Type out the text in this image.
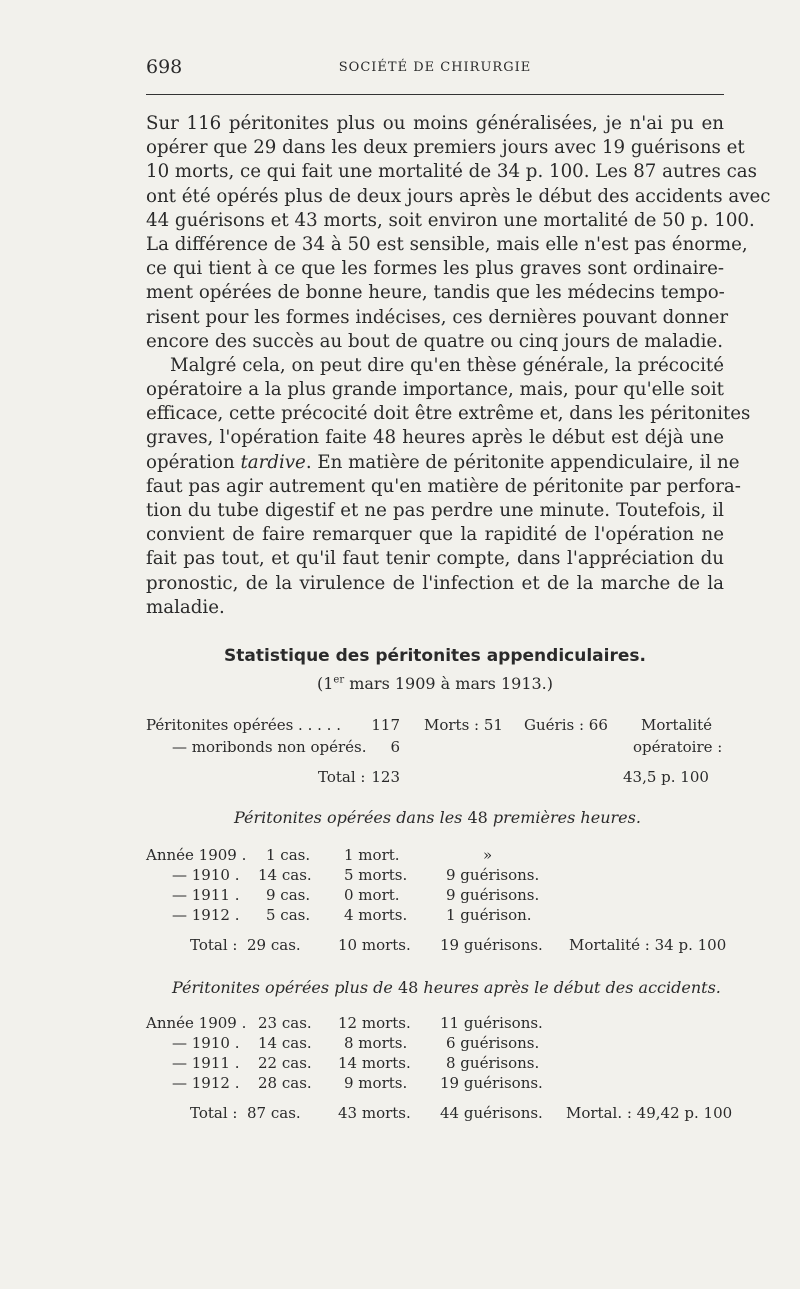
698	SOCIÉTÉ DE CHIRURGIE
Sur 116 péritonites plus ou moins généralisées, je n'ai pu en
opérer que 29 dans les deux premiers jours avec 19 guérisons et
10 morts, ce qui fait une mortalité de 34 p. 100. Les 87 autres cas
ont été opérés plus de deux jours après le début des accidents avec
44 guérisons et 43 morts, soit environ une mortalité de 50 p. 100.
La différence de 34 à 50 est sensible, mais elle n'est pas énorme,
ce qui tient à ce que les formes les plus graves sont ordinaire-
ment opérées de bonne heure, tandis que les médecins tempo-
risent pour les formes indécises, ces dernières pouvant donner
encore des succès au bout de quatre ou cinq jours de maladie.
Malgré cela, on peut dire qu'en thèse générale, la précocité
opératoire a la plus grande importance, mais, pour qu'elle soit
efficace, cette précocité doit être extrême et, dans les péritonites
graves, l'opération faite 48 heures après le début est déjà une
opération tardive. En matière de péritonite appendiculaire, il ne
faut pas agir autrement qu'en matière de péritonite par perfora-
tion du tube digestif et ne pas perdre une minute. Toutefois, il
convient de faire remarquer que la rapidité de l'opération ne
fait pas tout, et qu'il faut tenir compte, dans l'appréciation du
pronostic, de la virulence de l'infection et de la marche de la
maladie.
Statistique des péritonites appendiculaires.
(1er mars 1909 à mars 1913.)
Péritonites opérées . . . . .	117 Morts : 51 Guéris : 66 Mortalité
— moribonds non opérés.	6	opératoire :
Total : 123	43,5 p. 100
Péritonites opérées dans les 48 premières heures.
Année 1909 . 1 cas. 1 mort.	»
— 1910 . 14 cas. 5 morts.	9 guérisons.
— 1911 . 9 cas. 0 mort.	9 guérisons.
— 1912 . 5 cas. 4 morts.	1 guérison.
Total : 29 cas. 10 morts. 19 guérisons. Mortalité : 34 p. 100
Péritonites opérées plus de 48 heures après le début des accidents.
Année 1909 . 23 cas. 12 morts. 11 guérisons.
— 1910 . 14 cas. 8 morts.	6 guérisons.
— 1911 . 22 cas. 14 morts. 8 guérisons.
— 1912 . 28 cas. 9 morts. 19 guérisons.
Total : 87 cas. 43 morts. 44 guérisons. Mortal. : 49,42 p. 100
